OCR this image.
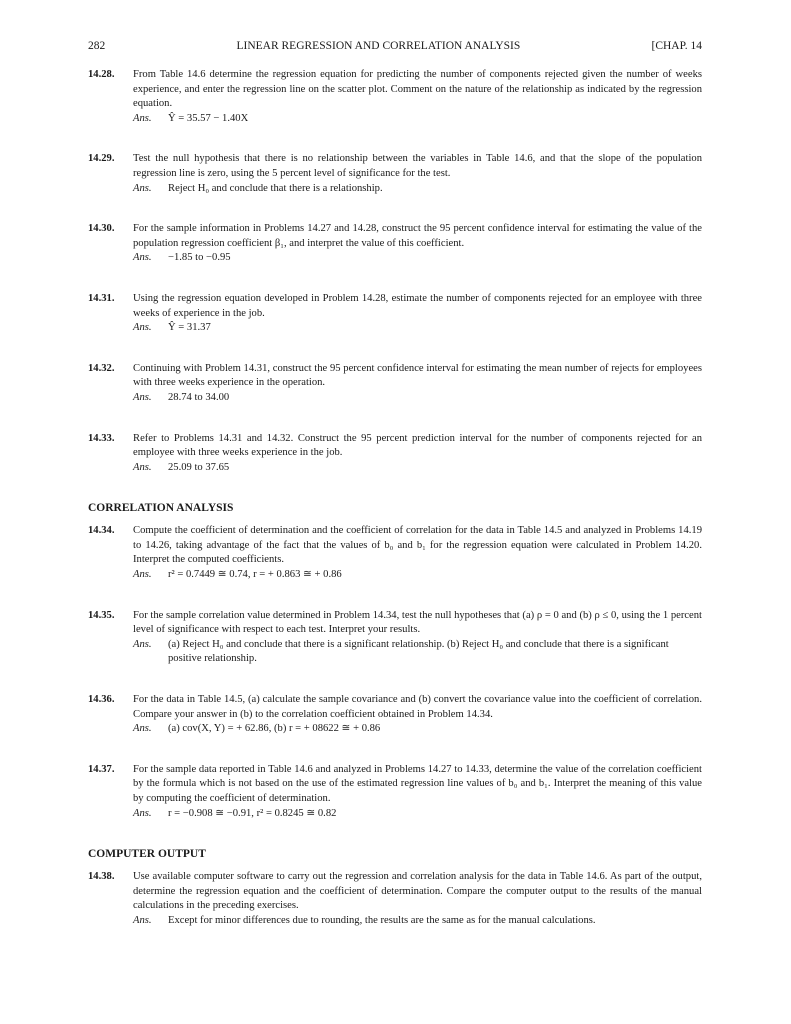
282	LINEAR REGRESSION AND CORRELATION ANALYSIS	[CHAP. 14
14.28. From Table 14.6 determine the regression equation for predicting the number of components rejected given the number of weeks experience, and enter the regression line on the scatter plot. Comment on the nature of the relationship as indicated by the regression equation.
Ans.	Ŷ = 35.57 − 1.40X
14.29. Test the null hypothesis that there is no relationship between the variables in Table 14.6, and that the slope of the population regression line is zero, using the 5 percent level of significance for the test.
Ans.	Reject H₀ and conclude that there is a relationship.
14.30. For the sample information in Problems 14.27 and 14.28, construct the 95 percent confidence interval for estimating the value of the population regression coefficient β₁, and interpret the value of this coefficient.
Ans.	−1.85 to −0.95
14.31. Using the regression equation developed in Problem 14.28, estimate the number of components rejected for an employee with three weeks of experience in the job.
Ans.	Ŷ = 31.37
14.32. Continuing with Problem 14.31, construct the 95 percent confidence interval for estimating the mean number of rejects for employees with three weeks experience in the operation.
Ans.	28.74 to 34.00
14.33. Refer to Problems 14.31 and 14.32. Construct the 95 percent prediction interval for the number of components rejected for an employee with three weeks experience in the job.
Ans.	25.09 to 37.65
CORRELATION ANALYSIS
14.34. Compute the coefficient of determination and the coefficient of correlation for the data in Table 14.5 and analyzed in Problems 14.19 to 14.26, taking advantage of the fact that the values of b₀ and b₁ for the regression equation were calculated in Problem 14.20. Interpret the computed coefficients.
Ans.	r² = 0.7449 ≅ 0.74, r = + 0.863 ≅ + 0.86
14.35. For the sample correlation value determined in Problem 14.34, test the null hypotheses that (a) ρ = 0 and (b) ρ ≤ 0, using the 1 percent level of significance with respect to each test. Interpret your results.
Ans.	(a) Reject H₀ and conclude that there is a significant relationship. (b) Reject H₀ and conclude that there is a significant positive relationship.
14.36. For the data in Table 14.5, (a) calculate the sample covariance and (b) convert the covariance value into the coefficient of correlation. Compare your answer in (b) to the correlation coefficient obtained in Problem 14.34.
Ans.	(a) cov(X, Y) = + 62.86, (b) r = + 08622 ≅ + 0.86
14.37. For the sample data reported in Table 14.6 and analyzed in Problems 14.27 to 14.33, determine the value of the correlation coefficient by the formula which is not based on the use of the estimated regression line values of b₀ and b₁. Interpret the meaning of this value by computing the coefficient of determination.
Ans.	r = −0.908 ≅ −0.91, r² = 0.8245 ≅ 0.82
COMPUTER OUTPUT
14.38. Use available computer software to carry out the regression and correlation analysis for the data in Table 14.6. As part of the output, determine the regression equation and the coefficient of determination. Compare the computer output to the results of the manual calculations in the preceding exercises.
Ans.	Except for minor differences due to rounding, the results are the same as for the manual calculations.
